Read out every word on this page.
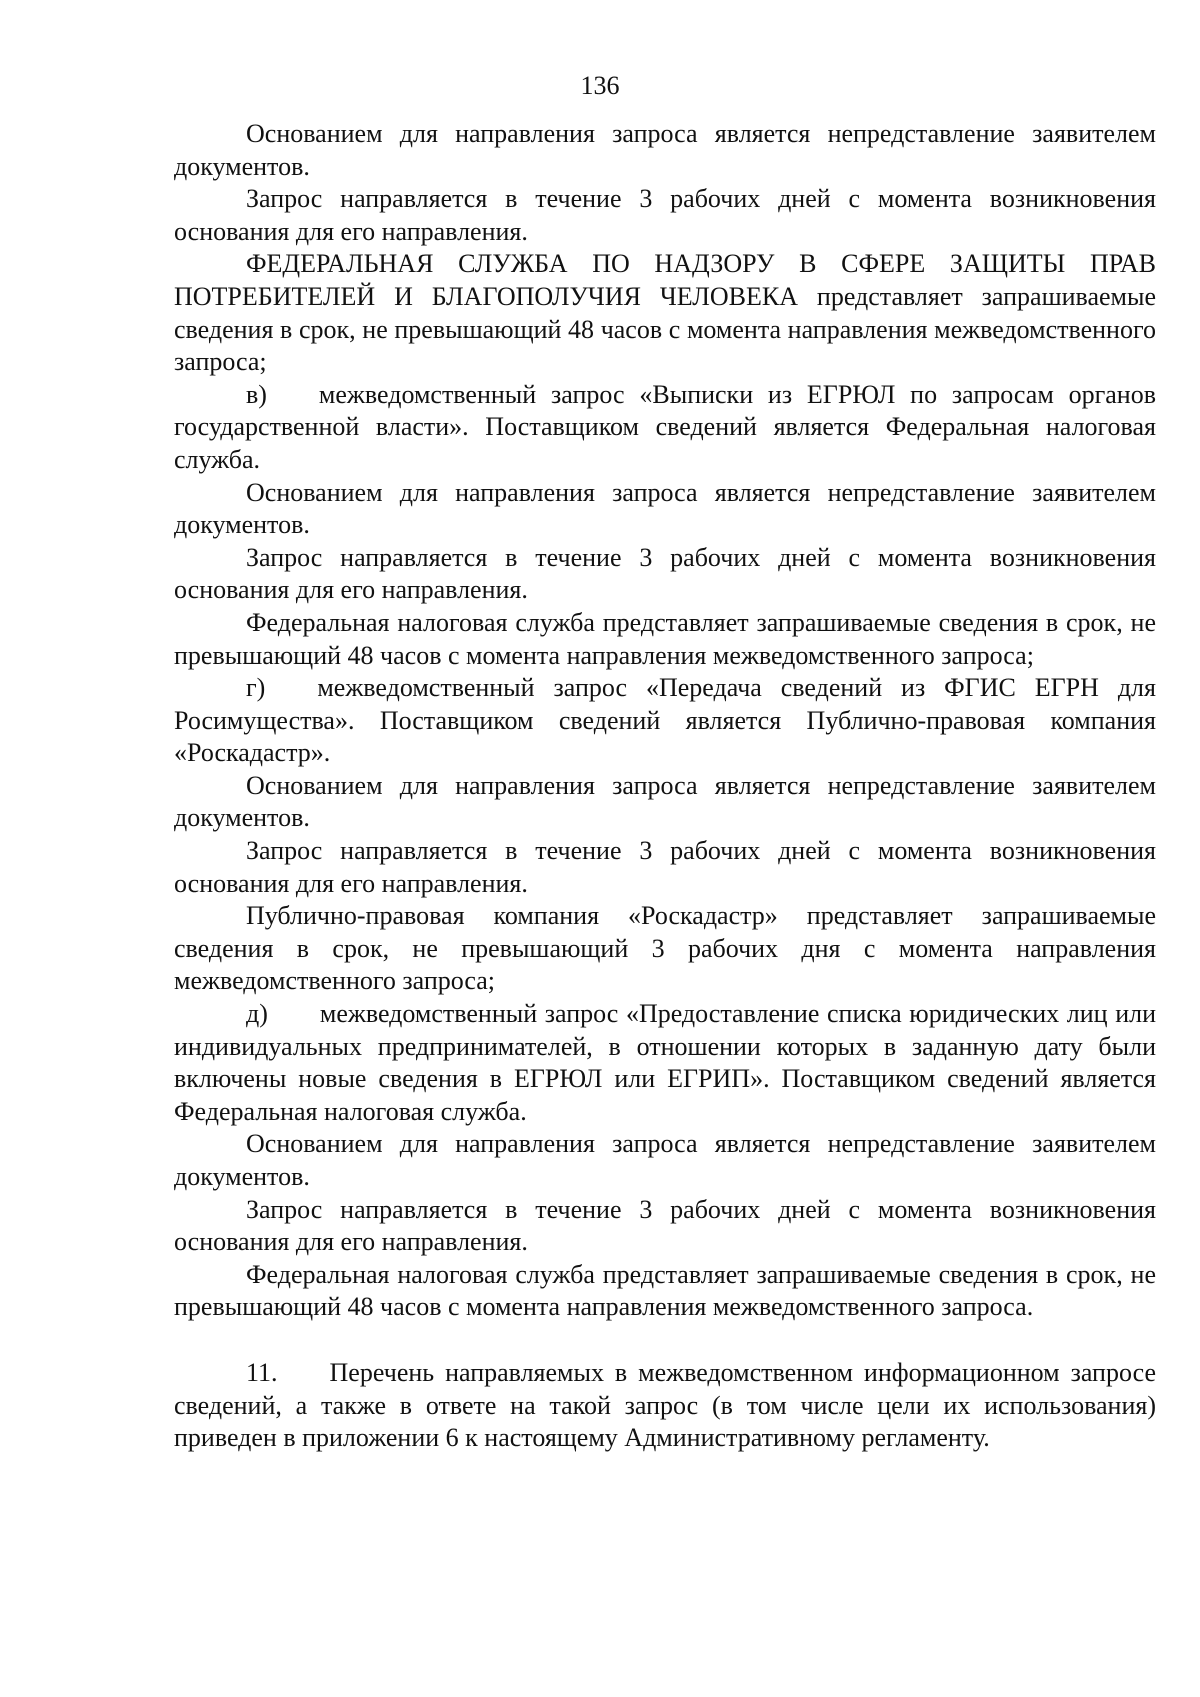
136

Основанием для направления запроса является непредставление заявителем документов.

Запрос направляется в течение 3 рабочих дней с момента возникновения основания для его направления.

ФЕДЕРАЛЬНАЯ СЛУЖБА ПО НАДЗОРУ В СФЕРЕ ЗАЩИТЫ ПРАВ ПОТРЕБИТЕЛЕЙ И БЛАГОПОЛУЧИЯ ЧЕЛОВЕКА представляет запрашиваемые сведения в срок, не превышающий 48 часов с момента направления межведомственного запроса;

в)  межведомственный запрос «Выписки из ЕГРЮЛ по запросам органов государственной власти». Поставщиком сведений является Федеральная налоговая служба.

Основанием для направления запроса является непредставление заявителем документов.

Запрос направляется в течение 3 рабочих дней с момента возникновения основания для его направления.

Федеральная налоговая служба представляет запрашиваемые сведения в срок, не превышающий 48 часов с момента направления межведомственного запроса;

г)  межведомственный запрос «Передача сведений из ФГИС ЕГРН для Росимущества». Поставщиком сведений является Публично-правовая компания «Роскадастр».

Основанием для направления запроса является непредставление заявителем документов.

Запрос направляется в течение 3 рабочих дней с момента возникновения основания для его направления.

Публично-правовая компания «Роскадастр» представляет запрашиваемые сведения в срок, не превышающий 3 рабочих дня с момента направления межведомственного запроса;

д)  межведомственный запрос «Предоставление списка юридических лиц или индивидуальных предпринимателей, в отношении которых в заданную дату были включены новые сведения в ЕГРЮЛ или ЕГРИП». Поставщиком сведений является Федеральная налоговая служба.

Основанием для направления запроса является непредставление заявителем документов.

Запрос направляется в течение 3 рабочих дней с момента возникновения основания для его направления.

Федеральная налоговая служба представляет запрашиваемые сведения в срок, не превышающий 48 часов с момента направления межведомственного запроса.

11.  Перечень направляемых в межведомственном информационном запросе сведений, а также в ответе на такой запрос (в том числе цели их использования) приведен в приложении 6 к настоящему Административному регламенту.
